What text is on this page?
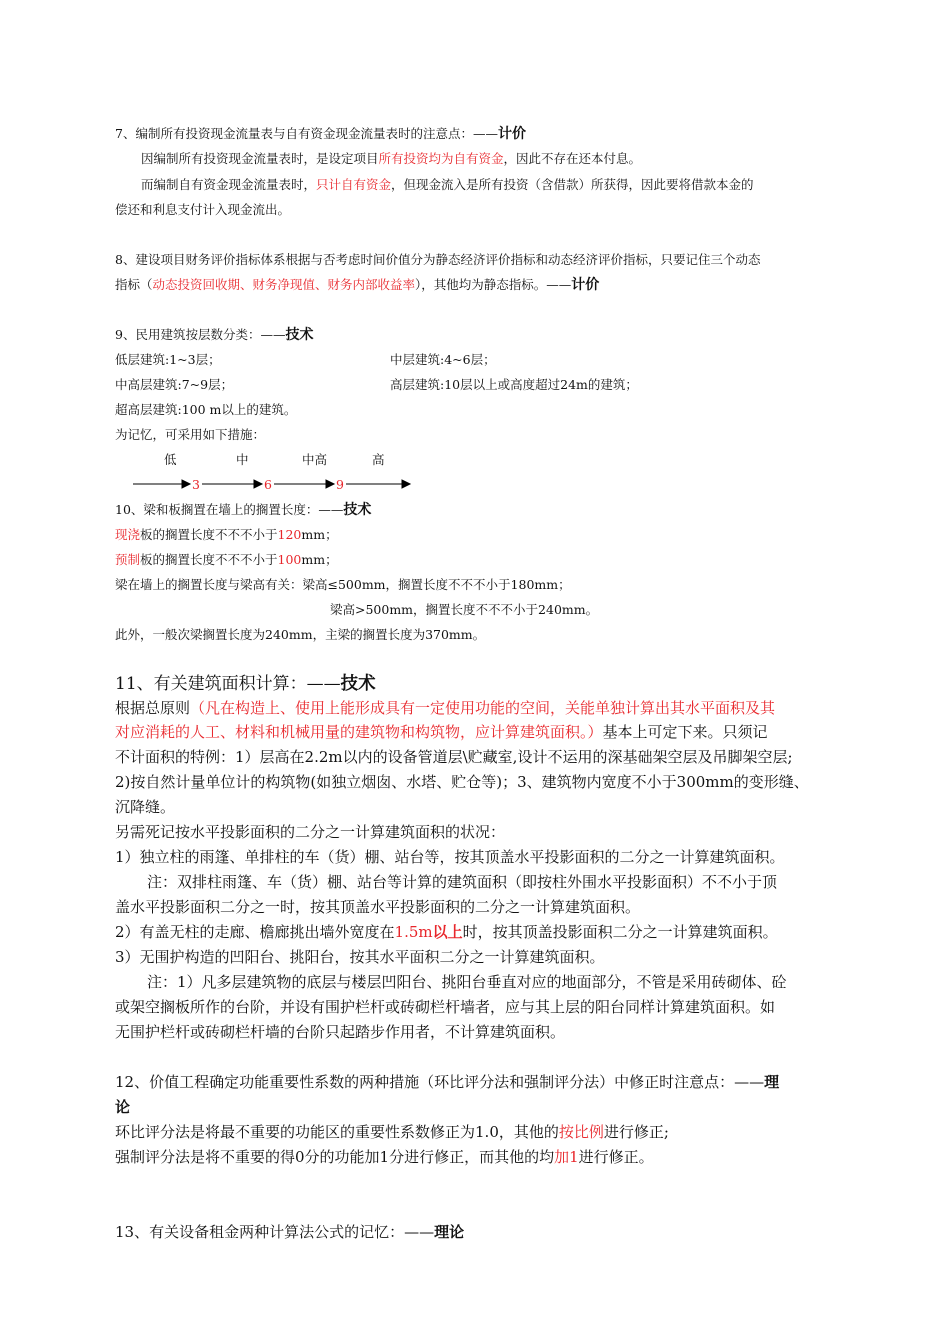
7、编制所有投资现金流量表与自有资金现金流量表时的注意点：——计价
因编制所有投资现金流量表时，是设定项目所有投资均为自有资金，因此不存在还本付息。
而编制自有资金现金流量表时，只计自有资金，但现金流入是所有投资（含借款）所获得，因此要将借款本金的
偿还和利息支付计入现金流出。
8、建设项目财务评价指标体系根据与否考虑时间价值分为静态经济评价指标和动态经济评价指标，只要记住三个动态
指标（动态投资回收期、财务净现值、财务内部收益率），其他均为静态指标。——计价
9、民用建筑按层数分类：——技术
低层建筑:1~3层；	中层建筑:4~6层；
中高层建筑:7~9层；	高层建筑:10层以上或高度超过24m的建筑；
超高层建筑:100 m以上的建筑。
为记忆，可采用如下措施：
低	中	中高	高
3	6	9
10、梁和板搁置在墙上的搁置长度：——技术
现浇板的搁置长度不不不小于120mm；
预制板的搁置长度不不不小于100mm；
梁在墙上的搁置长度与梁高有关：梁高≤500mm，搁置长度不不不小于180mm；
梁高>500mm，搁置长度不不不小于240mm。
此外，一般次梁搁置长度为240mm，主梁的搁置长度为370mm。
11、有关建筑面积计算：——技术
根据总原则（凡在构造上、使用上能形成具有一定使用功能的空间，关能单独计算出其水平面积及其
对应消耗的人工、材料和机械用量的建筑物和构筑物，应计算建筑面积。）基本上可定下来。只须记
不计面积的特例：1）层高在2.2m以内的设备管道层\贮藏室,设计不运用的深基础架空层及吊脚架空层;
2)按自然计量单位计的构筑物(如独立烟囱、水塔、贮仓等)；3、建筑物内宽度不小于300mm的变形缝、
沉降缝。
另需死记按水平投影面积的二分之一计算建筑面积的状况：
1）独立柱的雨篷、单排柱的车（货）棚、站台等，按其顶盖水平投影面积的二分之一计算建筑面积。
注：双排柱雨篷、车（货）棚、站台等计算的建筑面积（即按柱外围水平投影面积）不不小于顶
盖水平投影面积二分之一时，按其顶盖水平投影面积的二分之一计算建筑面积。
2）有盖无柱的走廊、檐廊挑出墙外宽度在1.5m以上时，按其顶盖投影面积二分之一计算建筑面积。
3）无围护构造的凹阳台、挑阳台，按其水平面积二分之一计算建筑面积。
注：1）凡多层建筑物的底层与楼层凹阳台、挑阳台垂直对应的地面部分，不管是采用砖砌体、砼
或架空搁板所作的台阶，并设有围护栏杆或砖砌栏杆墙者，应与其上层的阳台同样计算建筑面积。如
无围护栏杆或砖砌栏杆墙的台阶只起踏步作用者，不计算建筑面积。
12、价值工程确定功能重要性系数的两种措施（环比评分法和强制评分法）中修正时注意点：——理
论
环比评分法是将最不重要的功能区的重要性系数修正为1.0，其他的按比例进行修正;
强制评分法是将不重要的得0分的功能加1分进行修正，而其他的均加1进行修正。
13、有关设备租金两种计算法公式的记忆：——理论
